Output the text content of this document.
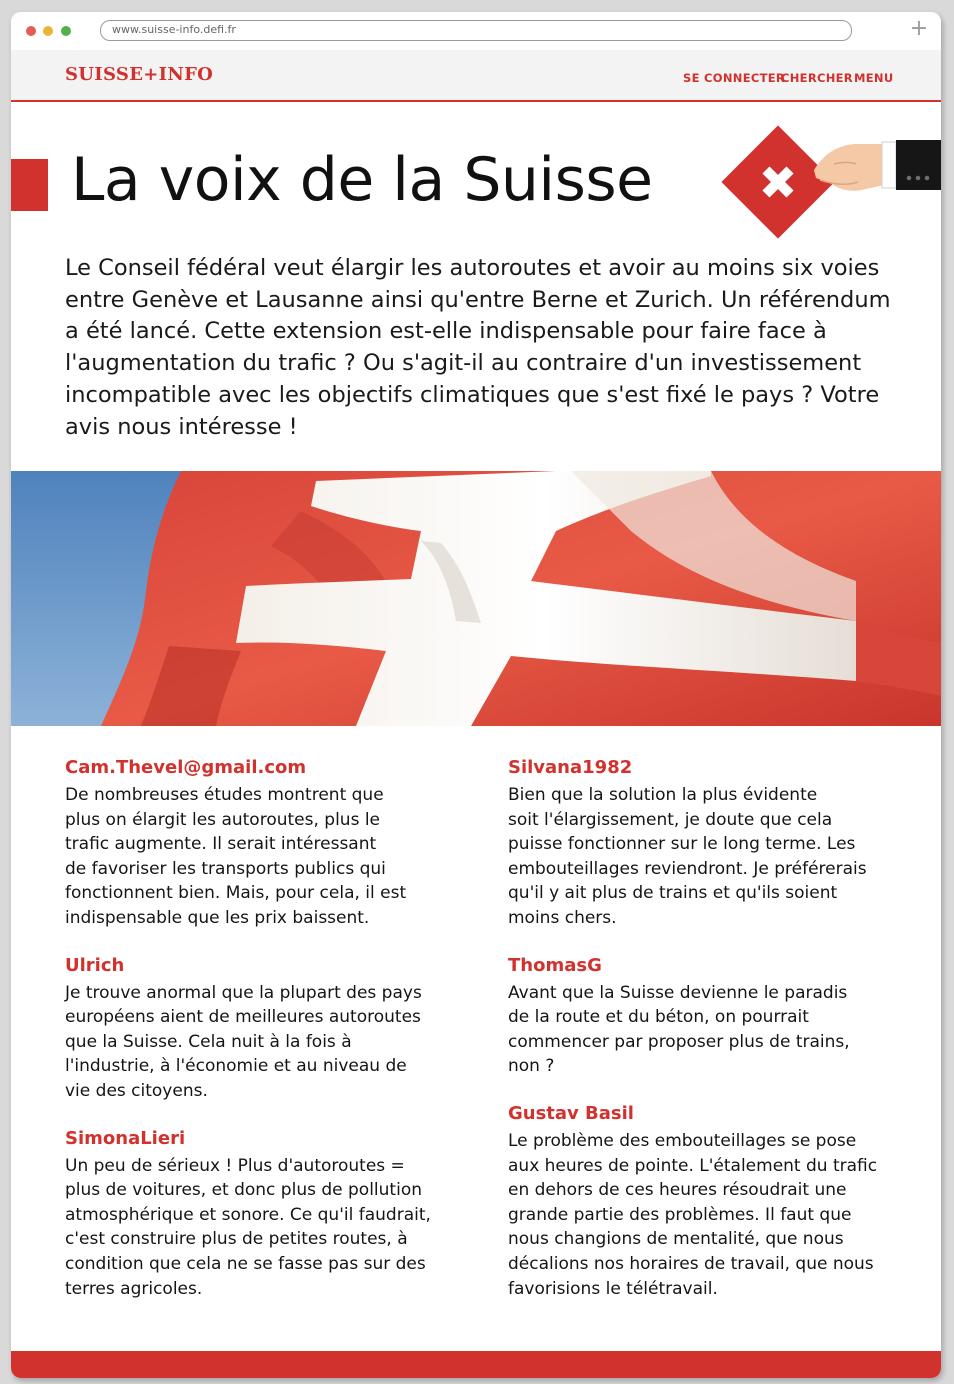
www.suisse-info.defi.fr	+
SUISSE+INFO	SE CONNECTER
CHERCHER MENU
La voix de la Suisse

Le Conseil fédéral veut élargir les autoroutes et avoir au moins six voies entre Genève et Lausanne ainsi qu'entre Berne et Zurich. Un référendum a été lancé. Cette extension est-elle indispensable pour faire face à l'augmentation du trafic ? Ou s'agit-il au contraire d'un investissement incompatible avec les objectifs climatiques que s'est fixé le pays ? Votre avis nous intéresse !

Cam.Thevel@gmail.com

De nombreuses études montrent que
plus on élargit les autoroutes, plus le
trafic augmente. Il serait intéressant
de favoriser les transports publics qui
fonctionnent bien. Mais, pour cela, il est
indispensable que les prix baissent.

Ulrich

Je trouve anormal que la plupart des pays
européens aient de meilleures autoroutes
que la Suisse. Cela nuit à la fois à
l'industrie, à l'économie et au niveau de
vie des citoyens.

SimonaLieri

Un peu de sérieux ! Plus d'autoroutes =
plus de voitures, et donc plus de pollution
atmosphérique et sonore. Ce qu'il faudrait,
c'est construire plus de petites routes, à
condition que cela ne se fasse pas sur des
terres agricoles.

Silvana1982

Bien que la solution la plus évidente
soit l'élargissement, je doute que cela
puisse fonctionner sur le long terme. Les
embouteillages reviendront. Je préférerais
qu'il y ait plus de trains et qu'ils soient
moins chers.

ThomasG

Avant que la Suisse devienne le paradis
de la route et du béton, on pourrait
commencer par proposer plus de trains,
non ?

Gustav Basil

Le problème des embouteillages se pose
aux heures de pointe. L'étalement du trafic
en dehors de ces heures résoudrait une
grande partie des problèmes. Il faut que
nous changions de mentalité, que nous
décalions nos horaires de travail, que nous
favorisions le télétravail.
